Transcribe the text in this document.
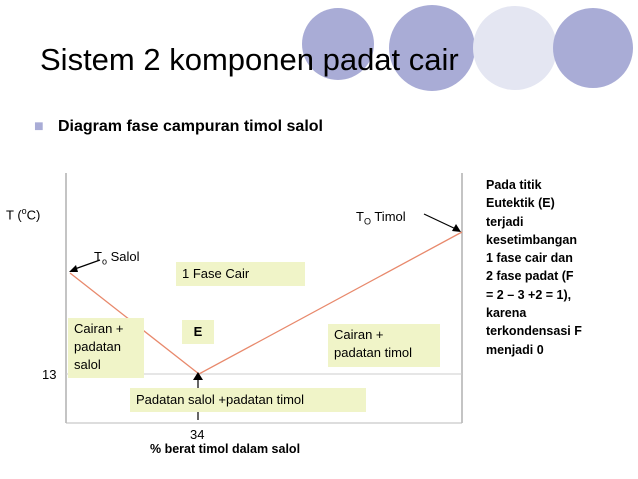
Sistem 2 komponen padat cair
■ Diagram fase campuran timol salol
T ($^o$C)
13
34
% berat timol dalam salol
$T_o$ Salol
$T_O$ Timol
1 Fase Cair
Cairan +
padatan
salol
E	Cairan +
padatan timol
Padatan salol +padatan timol
Pada titik
Eutektik (E)
terjadi
kesetimbangan
1 fase cair dan
2 fase padat (F
= 2 – 3 +2 = 1),
karena
terkondensasi F
menjadi 0
